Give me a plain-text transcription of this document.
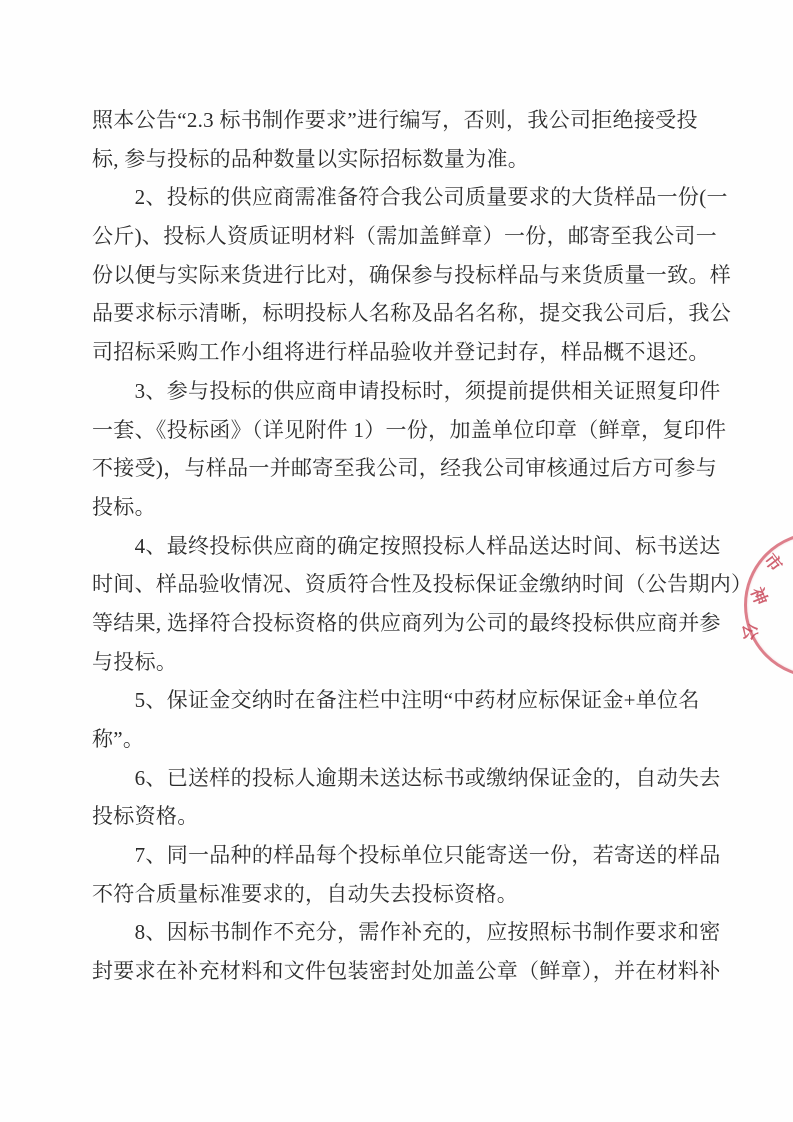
照本公告“2.3 标书制作要求”进行编写，否则，我公司拒绝接受投
标, 参与投标的品种数量以实际招标数量为准。
　　2、投标的供应商需准备符合我公司质量要求的大货样品一份(一
公斤)、投标人资质证明材料（需加盖鲜章）一份，邮寄至我公司一
份以便与实际来货进行比对，确保参与投标样品与来货质量一致。样
品要求标示清晰，标明投标人名称及品名名称，提交我公司后，我公
司招标采购工作小组将进行样品验收并登记封存，样品概不退还。
　　3、参与投标的供应商申请投标时，须提前提供相关证照复印件
一套、《投标函》（详见附件 1）一份，加盖单位印章（鲜章，复印件
不接受)，与样品一并邮寄至我公司，经我公司审核通过后方可参与
投标。
　　4、最终投标供应商的确定按照投标人样品送达时间、标书送达
时间、样品验收情况、资质符合性及投标保证金缴纳时间（公告期内）
等结果, 选择符合投标资格的供应商列为公司的最终投标供应商并参
与投标。
　　5、保证金交纳时在备注栏中注明“中药材应标保证金+单位名
称”。
　　6、已送样的投标人逾期未送达标书或缴纳保证金的，自动失去
投标资格。
　　7、同一品种的样品每个投标单位只能寄送一份，若寄送的样品
不符合质量标准要求的，自动失去投标资格。
　　8、因标书制作不充分，需作补充的，应按照标书制作要求和密
封要求在补充材料和文件包装密封处加盖公章（鲜章），并在材料补
市
神
公
